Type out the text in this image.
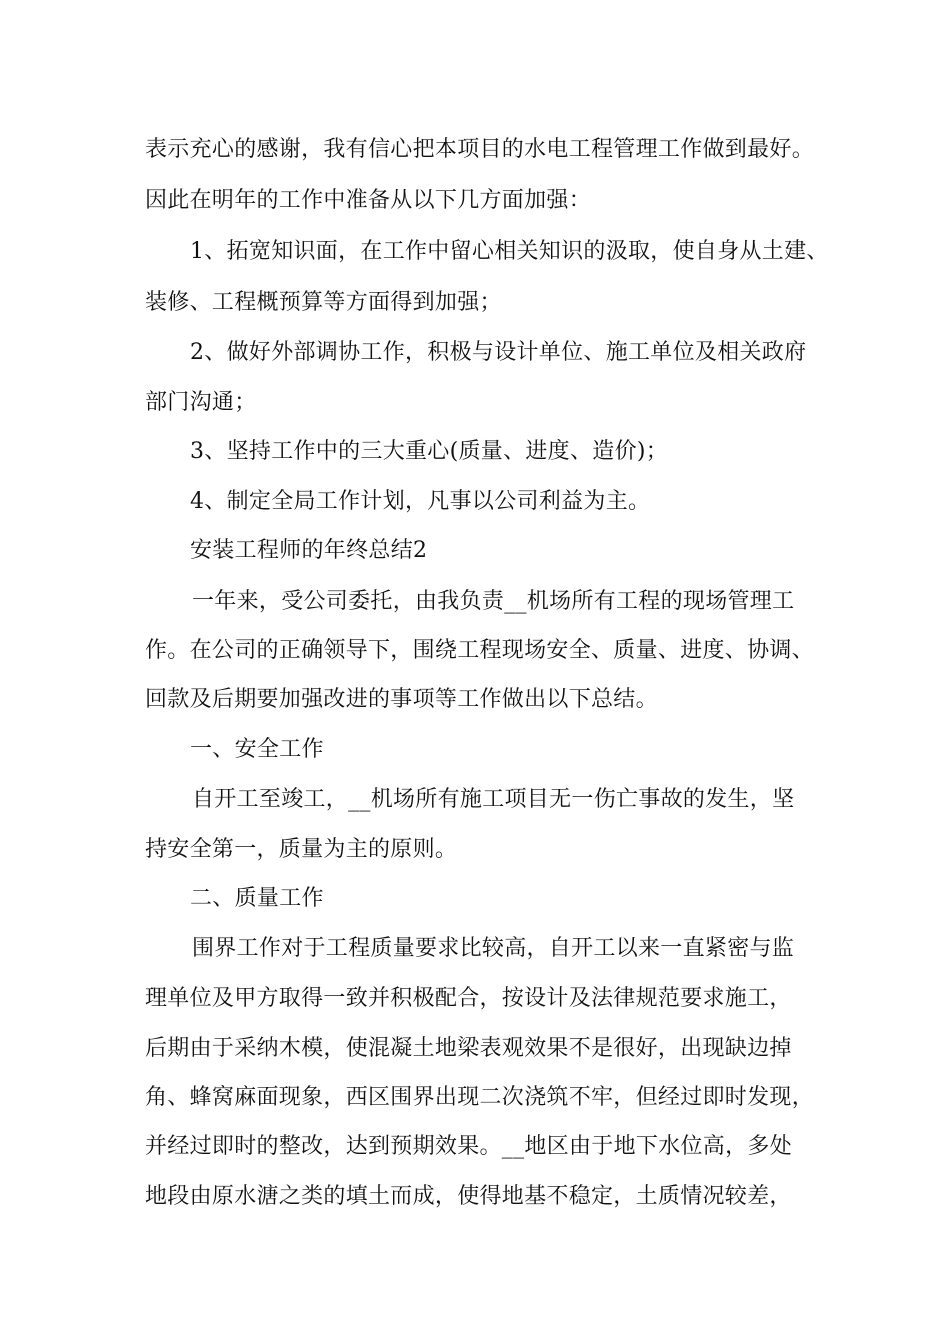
表示充心的感谢，我有信心把本项目的水电工程管理工作做到最好。
因此在明年的工作中准备从以下几方面加强：
1、拓宽知识面，在工作中留心相关知识的汲取，使自身从土建、
装修、工程概预算等方面得到加强；
2、做好外部调协工作，积极与设计单位、施工单位及相关政府
部门沟通；
3、坚持工作中的三大重心(质量、进度、造价)；
4、制定全局工作计划，凡事以公司利益为主。
安装工程师的年终总结2
一年来，受公司委托，由我负责__机场所有工程的现场管理工
作。在公司的正确领导下，围绕工程现场安全、质量、进度、协调、
回款及后期要加强改进的事项等工作做出以下总结。
一、安全工作
自开工至竣工，__机场所有施工项目无一伤亡事故的发生，坚
持安全第一，质量为主的原则。
二、质量工作
围界工作对于工程质量要求比较高，自开工以来一直紧密与监
理单位及甲方取得一致并积极配合，按设计及法律规范要求施工，
后期由于采纳木模，使混凝土地梁表观效果不是很好，出现缺边掉
角、蜂窝麻面现象，西区围界出现二次浇筑不牢，但经过即时发现，
并经过即时的整改，达到预期效果。__地区由于地下水位高，多处
地段由原水溏之类的填土而成，使得地基不稳定，土质情况较差，
